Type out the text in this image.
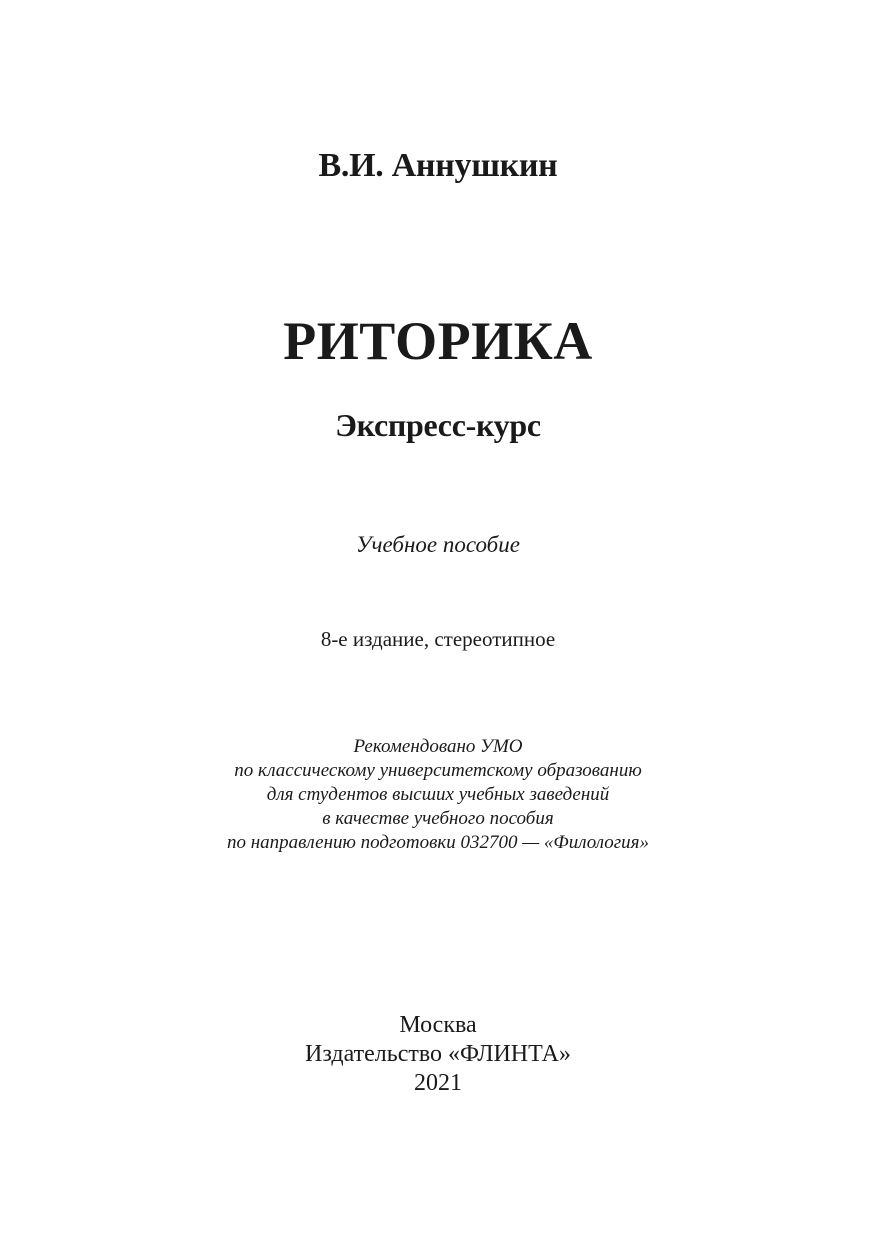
В.И. Аннушкин
РИТОРИКА
Экспресс-курс
Учебное пособие
8-е издание, стереотипное
Рекомендовано УМО
по классическому университетскому образованию
для студентов высших учебных заведений
в качестве учебного пособия
по направлению подготовки 032700 — «Филология»
Москва
Издательство «ФЛИНТА»
2021
